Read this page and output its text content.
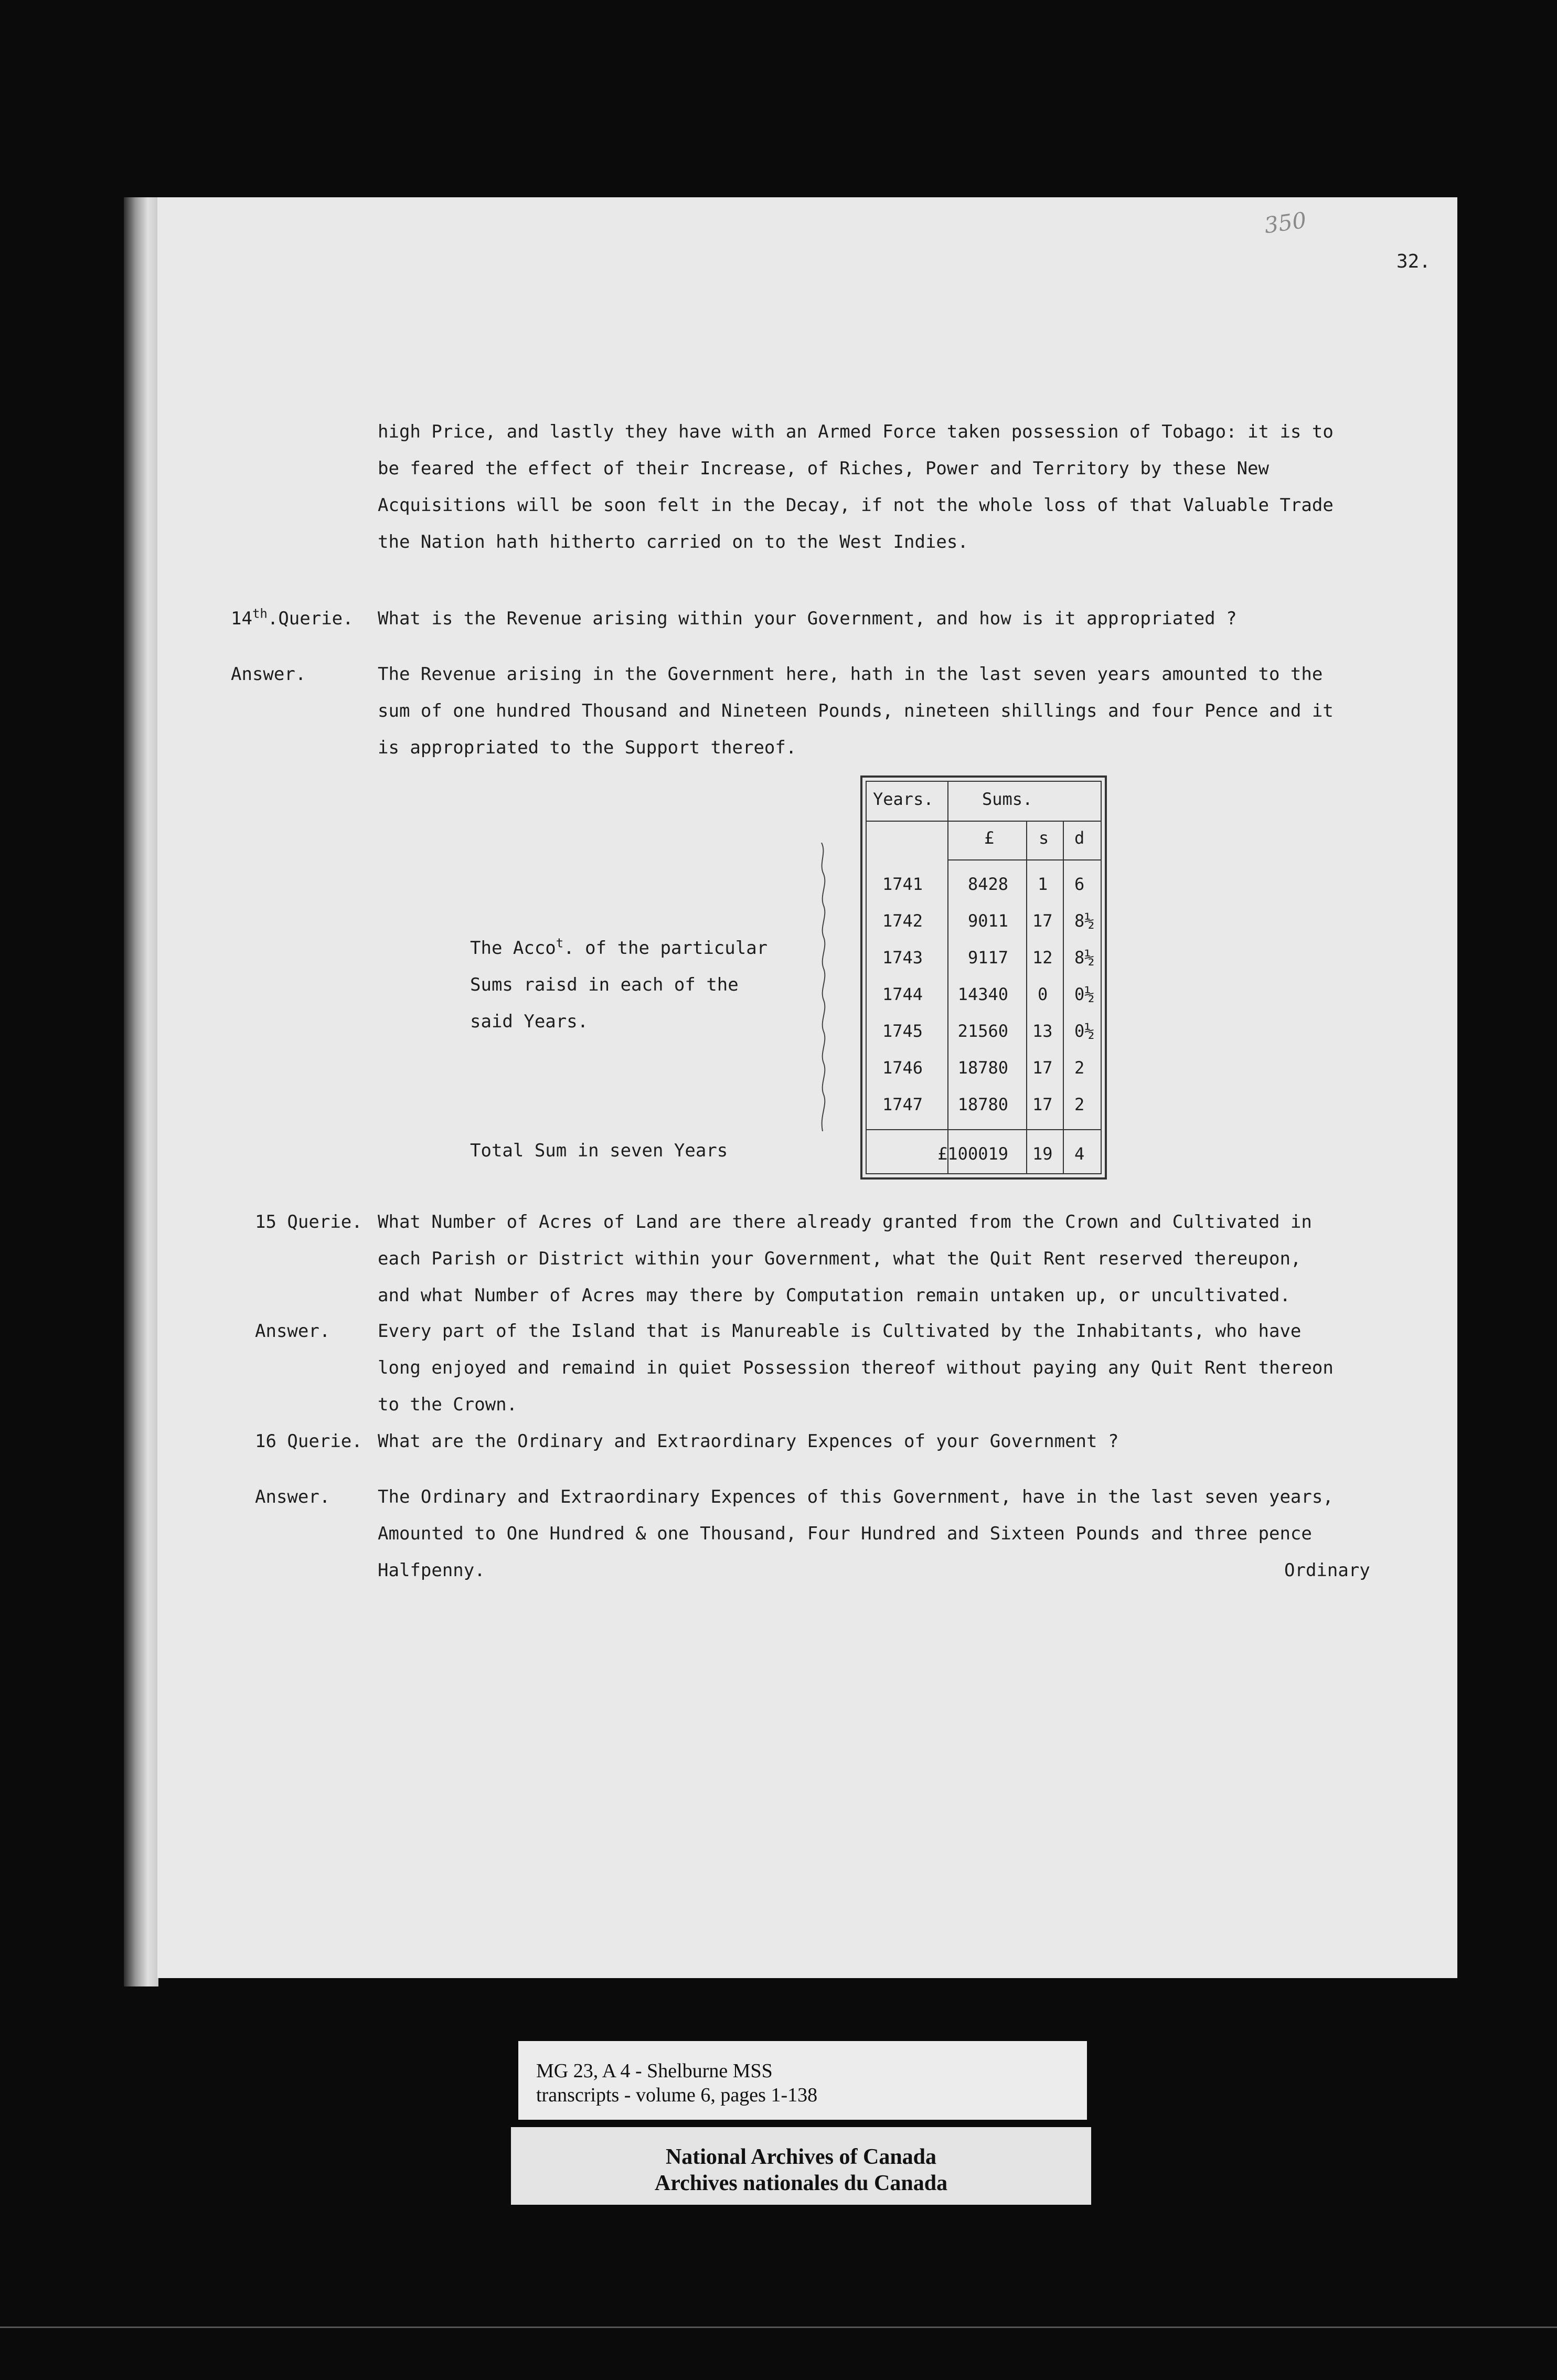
350
32.
high Price, and lastly they have with an Armed Force taken possession of Tobago: it is to
be feared the effect of their Increase, of Riches, Power and Territory by these New
Acquisitions will be soon felt in the Decay, if not the whole loss of that Valuable Trade
the Nation hath hitherto carried on to the West Indies.
14th.Querie. What is the Revenue arising within your Government, and how is it appropriated ?
Answer.	The Revenue arising in the Government here, hath in the last seven years amounted to the
sum of one hundred Thousand and Nineteen Pounds, nineteen shillings and four Pence and it
is appropriated to the Support thereof.
The Acco$^t$. of the particular
Sums raisd in each of the
said Years.
Years.	Sums.
£	s d
1741	8428 1 6
1742	9011 17 8½
1743	9117 12 8½
1744 14340 0 0½
1745 21560 13 0½
1746 18780 17 2
1747 18780 17 2
£100019 19 4
Total Sum in seven Years
15 Querie. What Number of Acres of Land are there already granted from the Crown and Cultivated in
each Parish or District within your Government, what the Quit Rent reserved thereupon,
and what Number of Acres may there by Computation remain untaken up, or uncultivated.
Answer.	Every part of the Island that is Manureable is Cultivated by the Inhabitants, who have
long enjoyed and remaind in quiet Possession thereof without paying any Quit Rent thereon
to the Crown.
16 Querie. What are the Ordinary and Extraordinary Expences of your Government ?
Answer.	The Ordinary and Extraordinary Expences of this Government, have in the last seven years,
Amounted to One Hundred & one Thousand, Four Hundred and Sixteen Pounds and three pence
Halfpenny.	Ordinary
MG 23, A 4 - Shelburne MSS
transcripts - volume 6, pages 1-138
National Archives of Canada
Archives nationales du Canada
